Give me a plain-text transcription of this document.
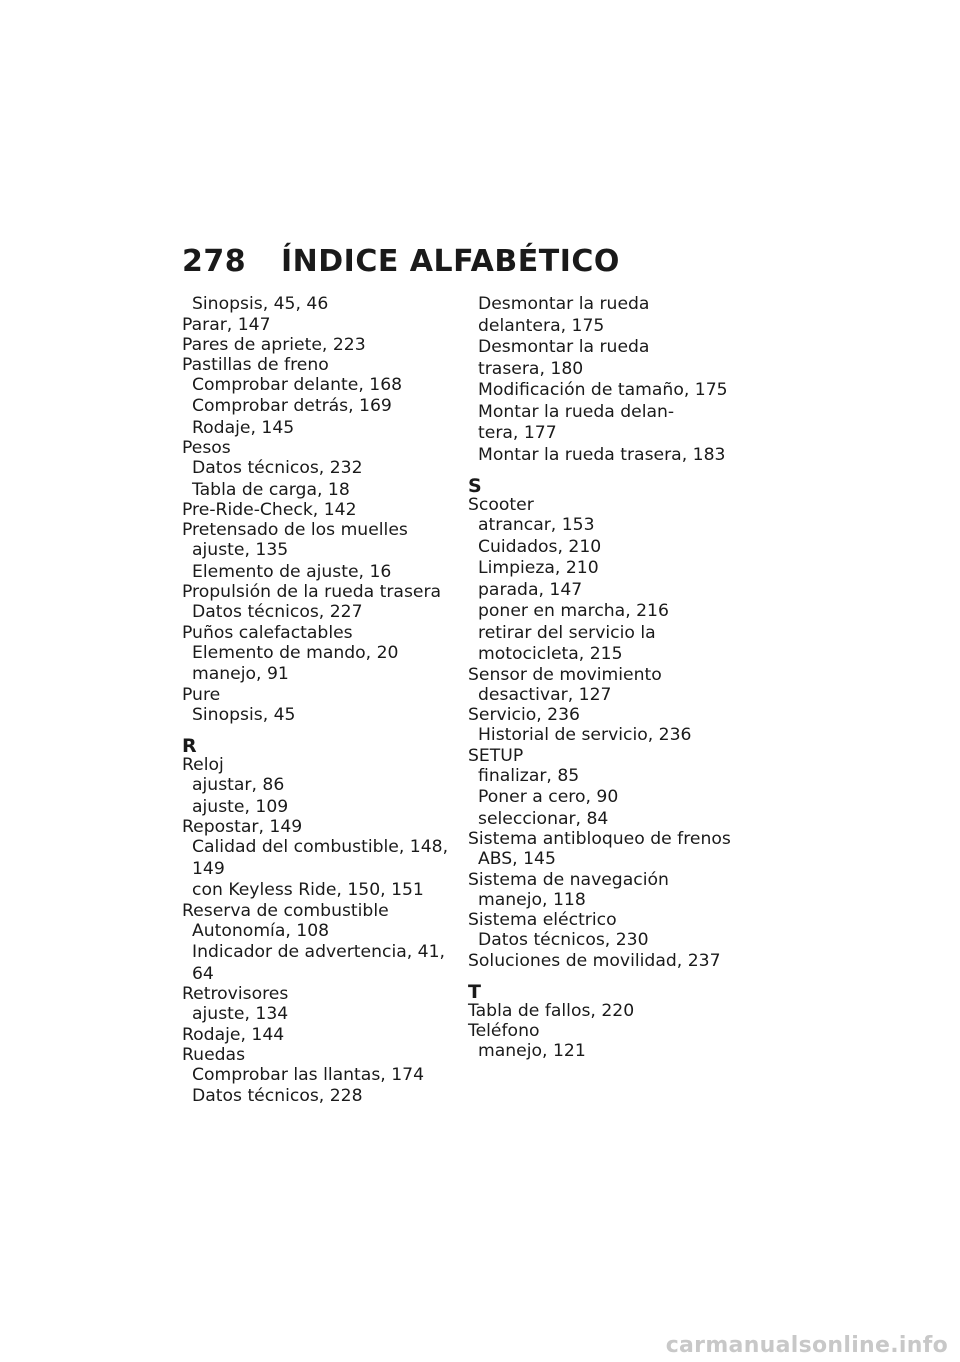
278 ÍNDICE ALFABÉTICO
Sinopsis, 45, 46
Parar, 147
Pares de apriete, 223
Pastillas de freno
Comprobar delante, 168
Comprobar detrás, 169
Rodaje, 145
Pesos
Datos técnicos, 232
Tabla de carga, 18
Pre-Ride-Check, 142
Pretensado de los muelles
ajuste, 135
Elemento de ajuste, 16
Propulsión de la rueda trasera
Datos técnicos, 227
Puños calefactables
Elemento de mando, 20
manejo, 91
Pure
Sinopsis, 45
R
Reloj
ajustar, 86
ajuste, 109
Repostar, 149
Calidad del combustible, 148,
149
con Keyless Ride, 150, 151
Reserva de combustible
Autonomía, 108
Indicador de advertencia, 41,
64
Retrovisores
ajuste, 134
Rodaje, 144
Ruedas
Comprobar las llantas, 174
Datos técnicos, 228
Desmontar la rueda
delantera, 175
Desmontar la rueda
trasera, 180
Modificación de tamaño, 175
Montar la rueda delan-
tera, 177
Montar la rueda trasera, 183
S
Scooter
atrancar, 153
Cuidados, 210
Limpieza, 210
parada, 147
poner en marcha, 216
retirar del servicio la
motocicleta, 215
Sensor de movimiento
desactivar, 127
Servicio, 236
Historial de servicio, 236
SETUP
finalizar, 85
Poner a cero, 90
seleccionar, 84
Sistema antibloqueo de frenos
ABS, 145
Sistema de navegación
manejo, 118
Sistema eléctrico
Datos técnicos, 230
Soluciones de movilidad, 237
T
Tabla de fallos, 220
Teléfono
manejo, 121
carmanualsonline.info
